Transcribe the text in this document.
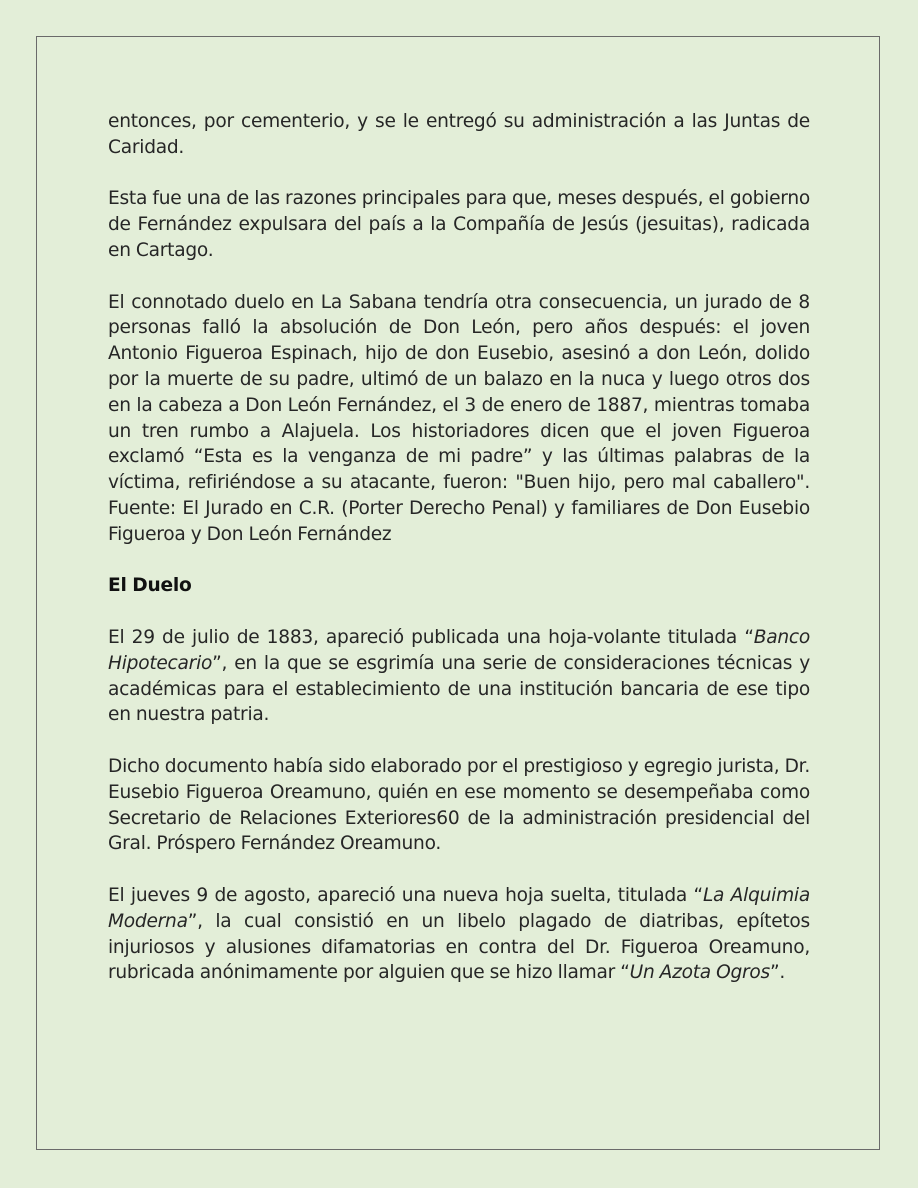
entonces, por cementerio, y se le entregó su administración a las Juntas de Caridad.

Esta fue una de las razones principales para que, meses después, el gobierno de Fernández expulsara del país a la Compañía de Jesús (jesuitas), radicada en Cartago.

El connotado duelo en La Sabana tendría otra consecuencia, un jurado de 8 personas falló la absolución de Don León, pero años después: el joven Antonio Figueroa Espinach, hijo de don Eusebio, asesinó a don León, dolido por la muerte de su padre, ultimó de un balazo en la nuca y luego otros dos en la cabeza a Don León Fernández, el 3 de enero de 1887, mientras tomaba un tren rumbo a Alajuela. Los historiadores dicen que el joven Figueroa exclamó “Esta es la venganza de mi padre” y las últimas palabras de la víctima, refiriéndose a su atacante, fueron: "Buen hijo, pero mal caballero". Fuente: El Jurado en C.R. (Porter Derecho Penal) y familiares de Don Eusebio Figueroa y Don León Fernández

El Duelo

El 29 de julio de 1883, apareció publicada una hoja-volante titulada “Banco Hipotecario”, en la que se esgrimía una serie de consideraciones técnicas y académicas para el establecimiento de una institución bancaria de ese tipo en nuestra patria.

Dicho documento había sido elaborado por el prestigioso y egregio jurista, Dr. Eusebio Figueroa Oreamuno, quién en ese momento se desempeñaba como Secretario de Relaciones Exteriores60 de la administración presidencial del Gral. Próspero Fernández Oreamuno.

El jueves 9 de agosto, apareció una nueva hoja suelta, titulada “La Alquimia Moderna”, la cual consistió en un libelo plagado de diatribas, epítetos injuriosos y alusiones difamatorias en contra del Dr. Figueroa Oreamuno, rubricada anónimamente por alguien que se hizo llamar “Un Azota Ogros”.
